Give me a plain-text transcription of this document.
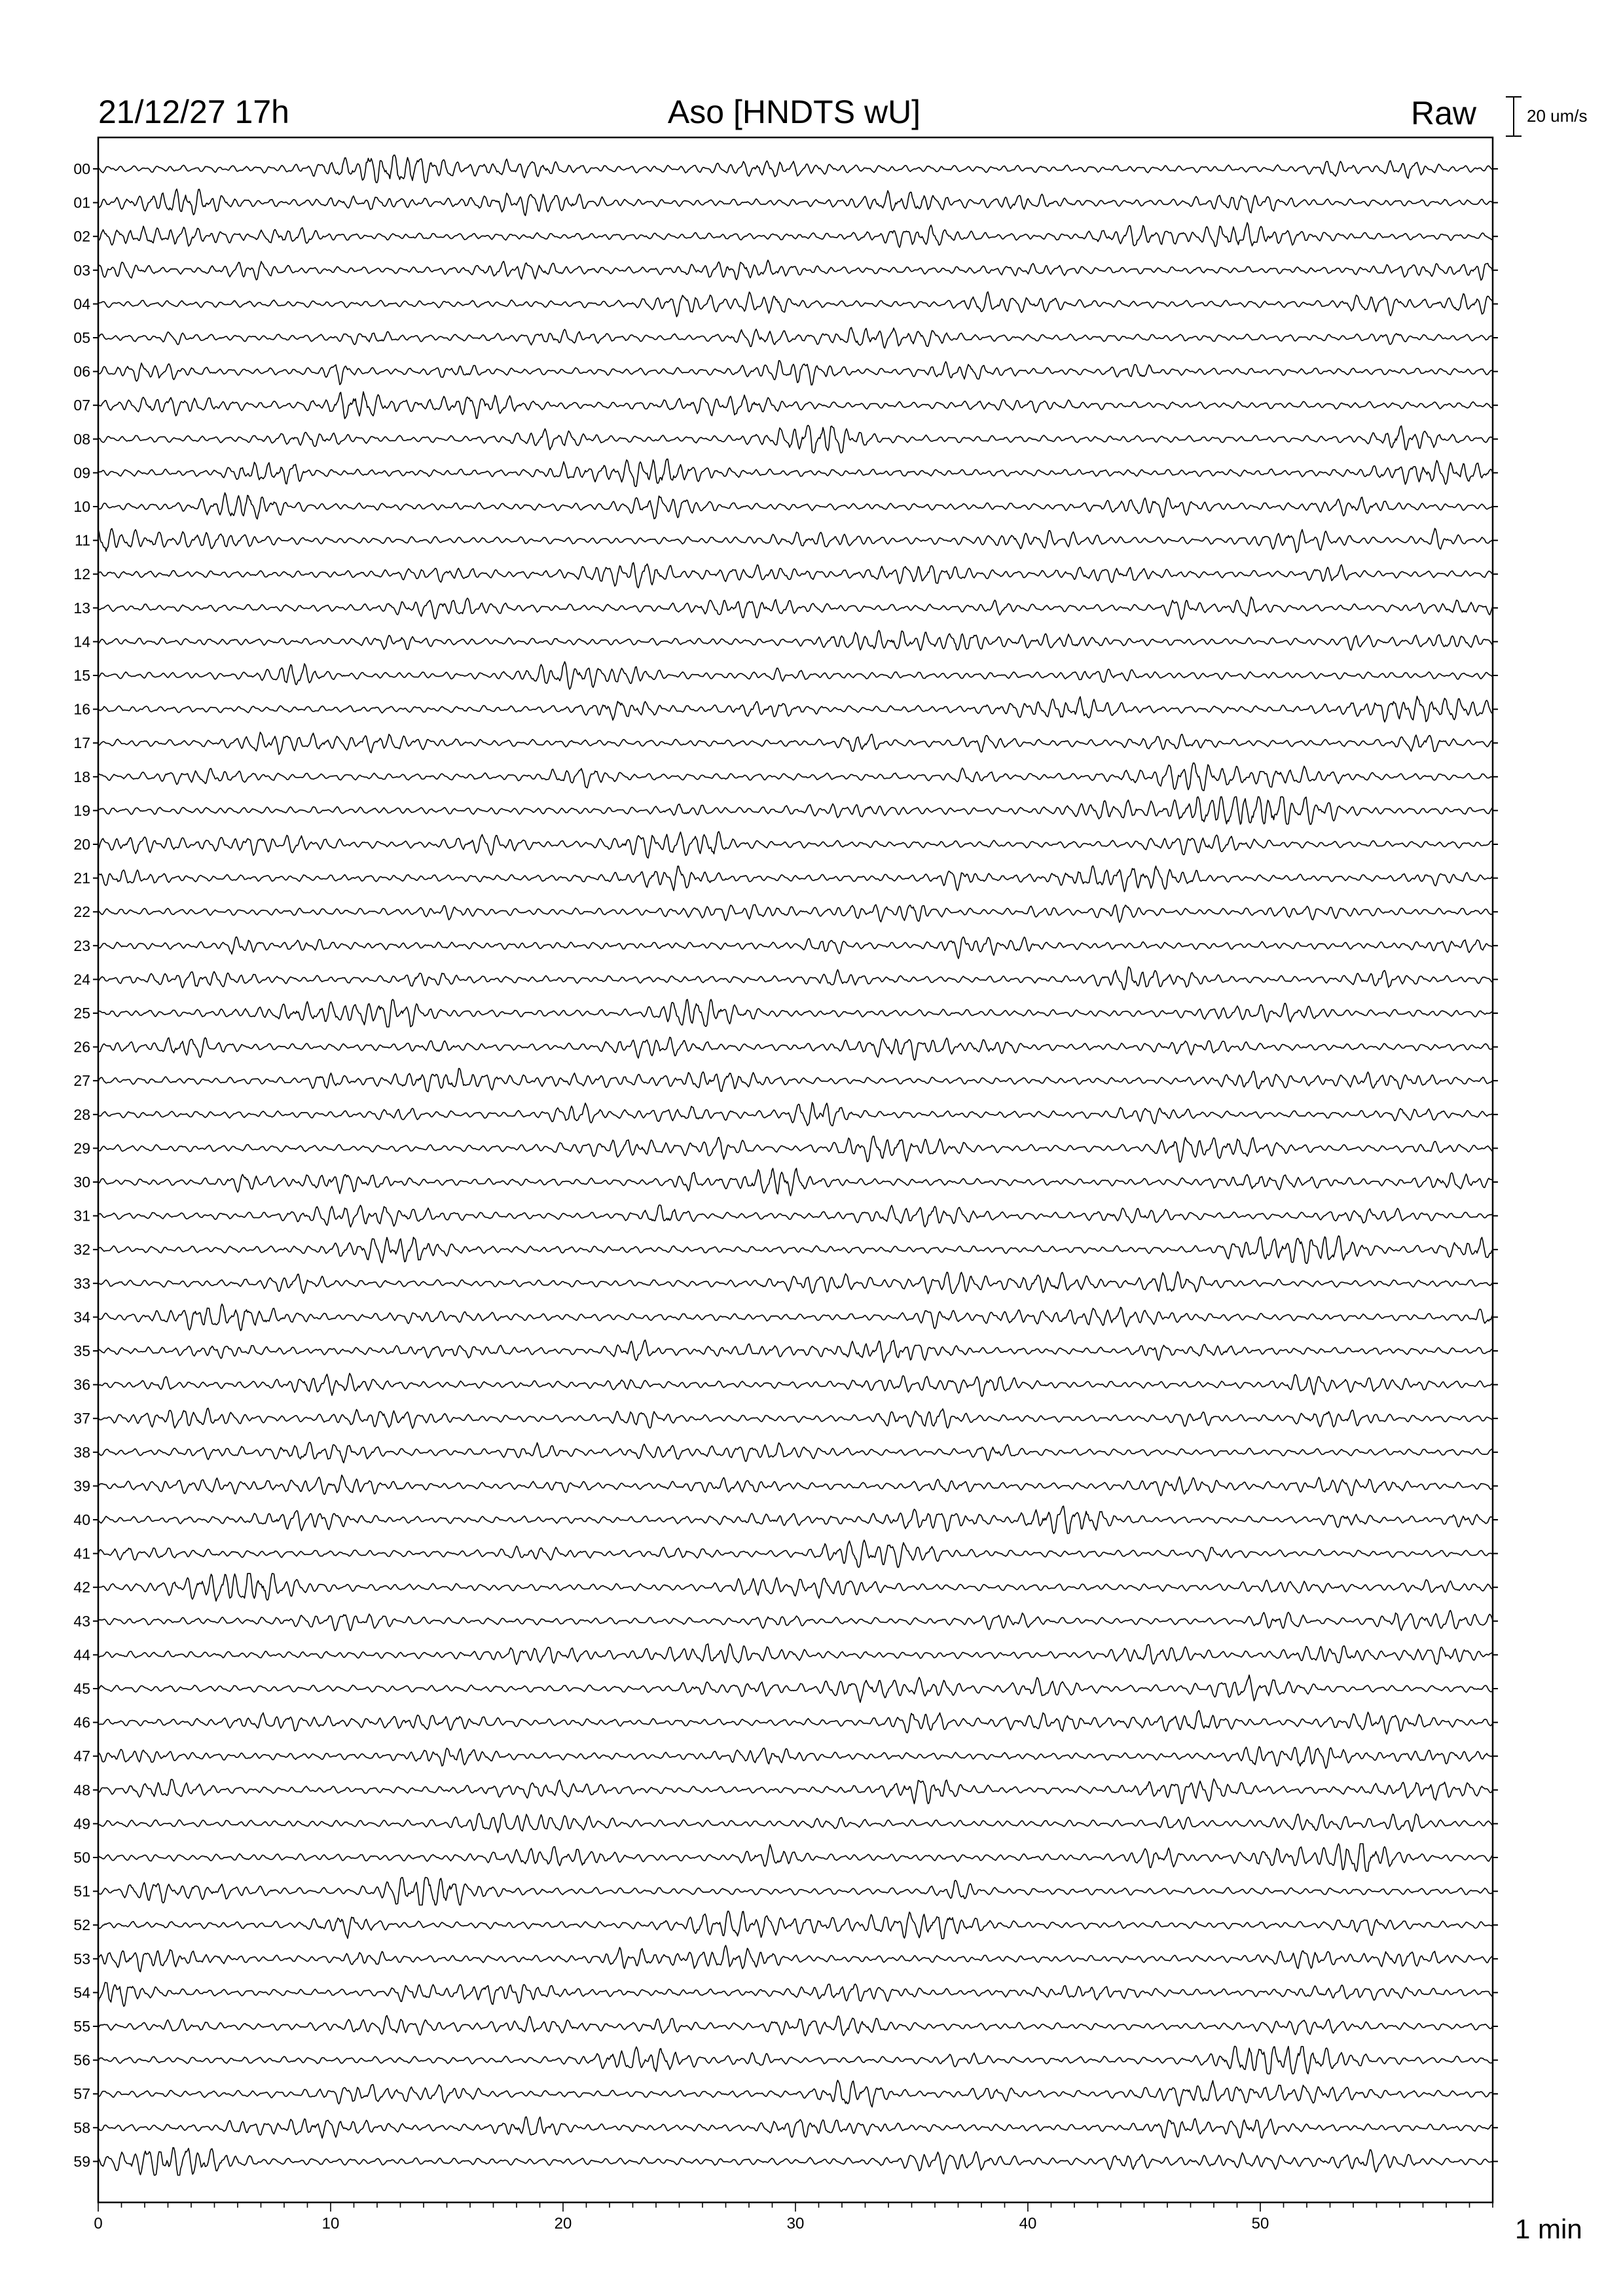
21/12/27 17h	Aso [HNDTS wU]	Raw	20 um/s
00
01
02
03
04
05
06
07
08
09
10
11
12
13
14
15
16
17
18
19
20
21
22
23
24
25
26
27
28
29
30
31
32
33
34
35
36
37
38
39
40
41
42
43
44
45
46
47
48
49
50
51
52
53
54
55
56
57
58
59
0	10	20	30	40	50	1 min
